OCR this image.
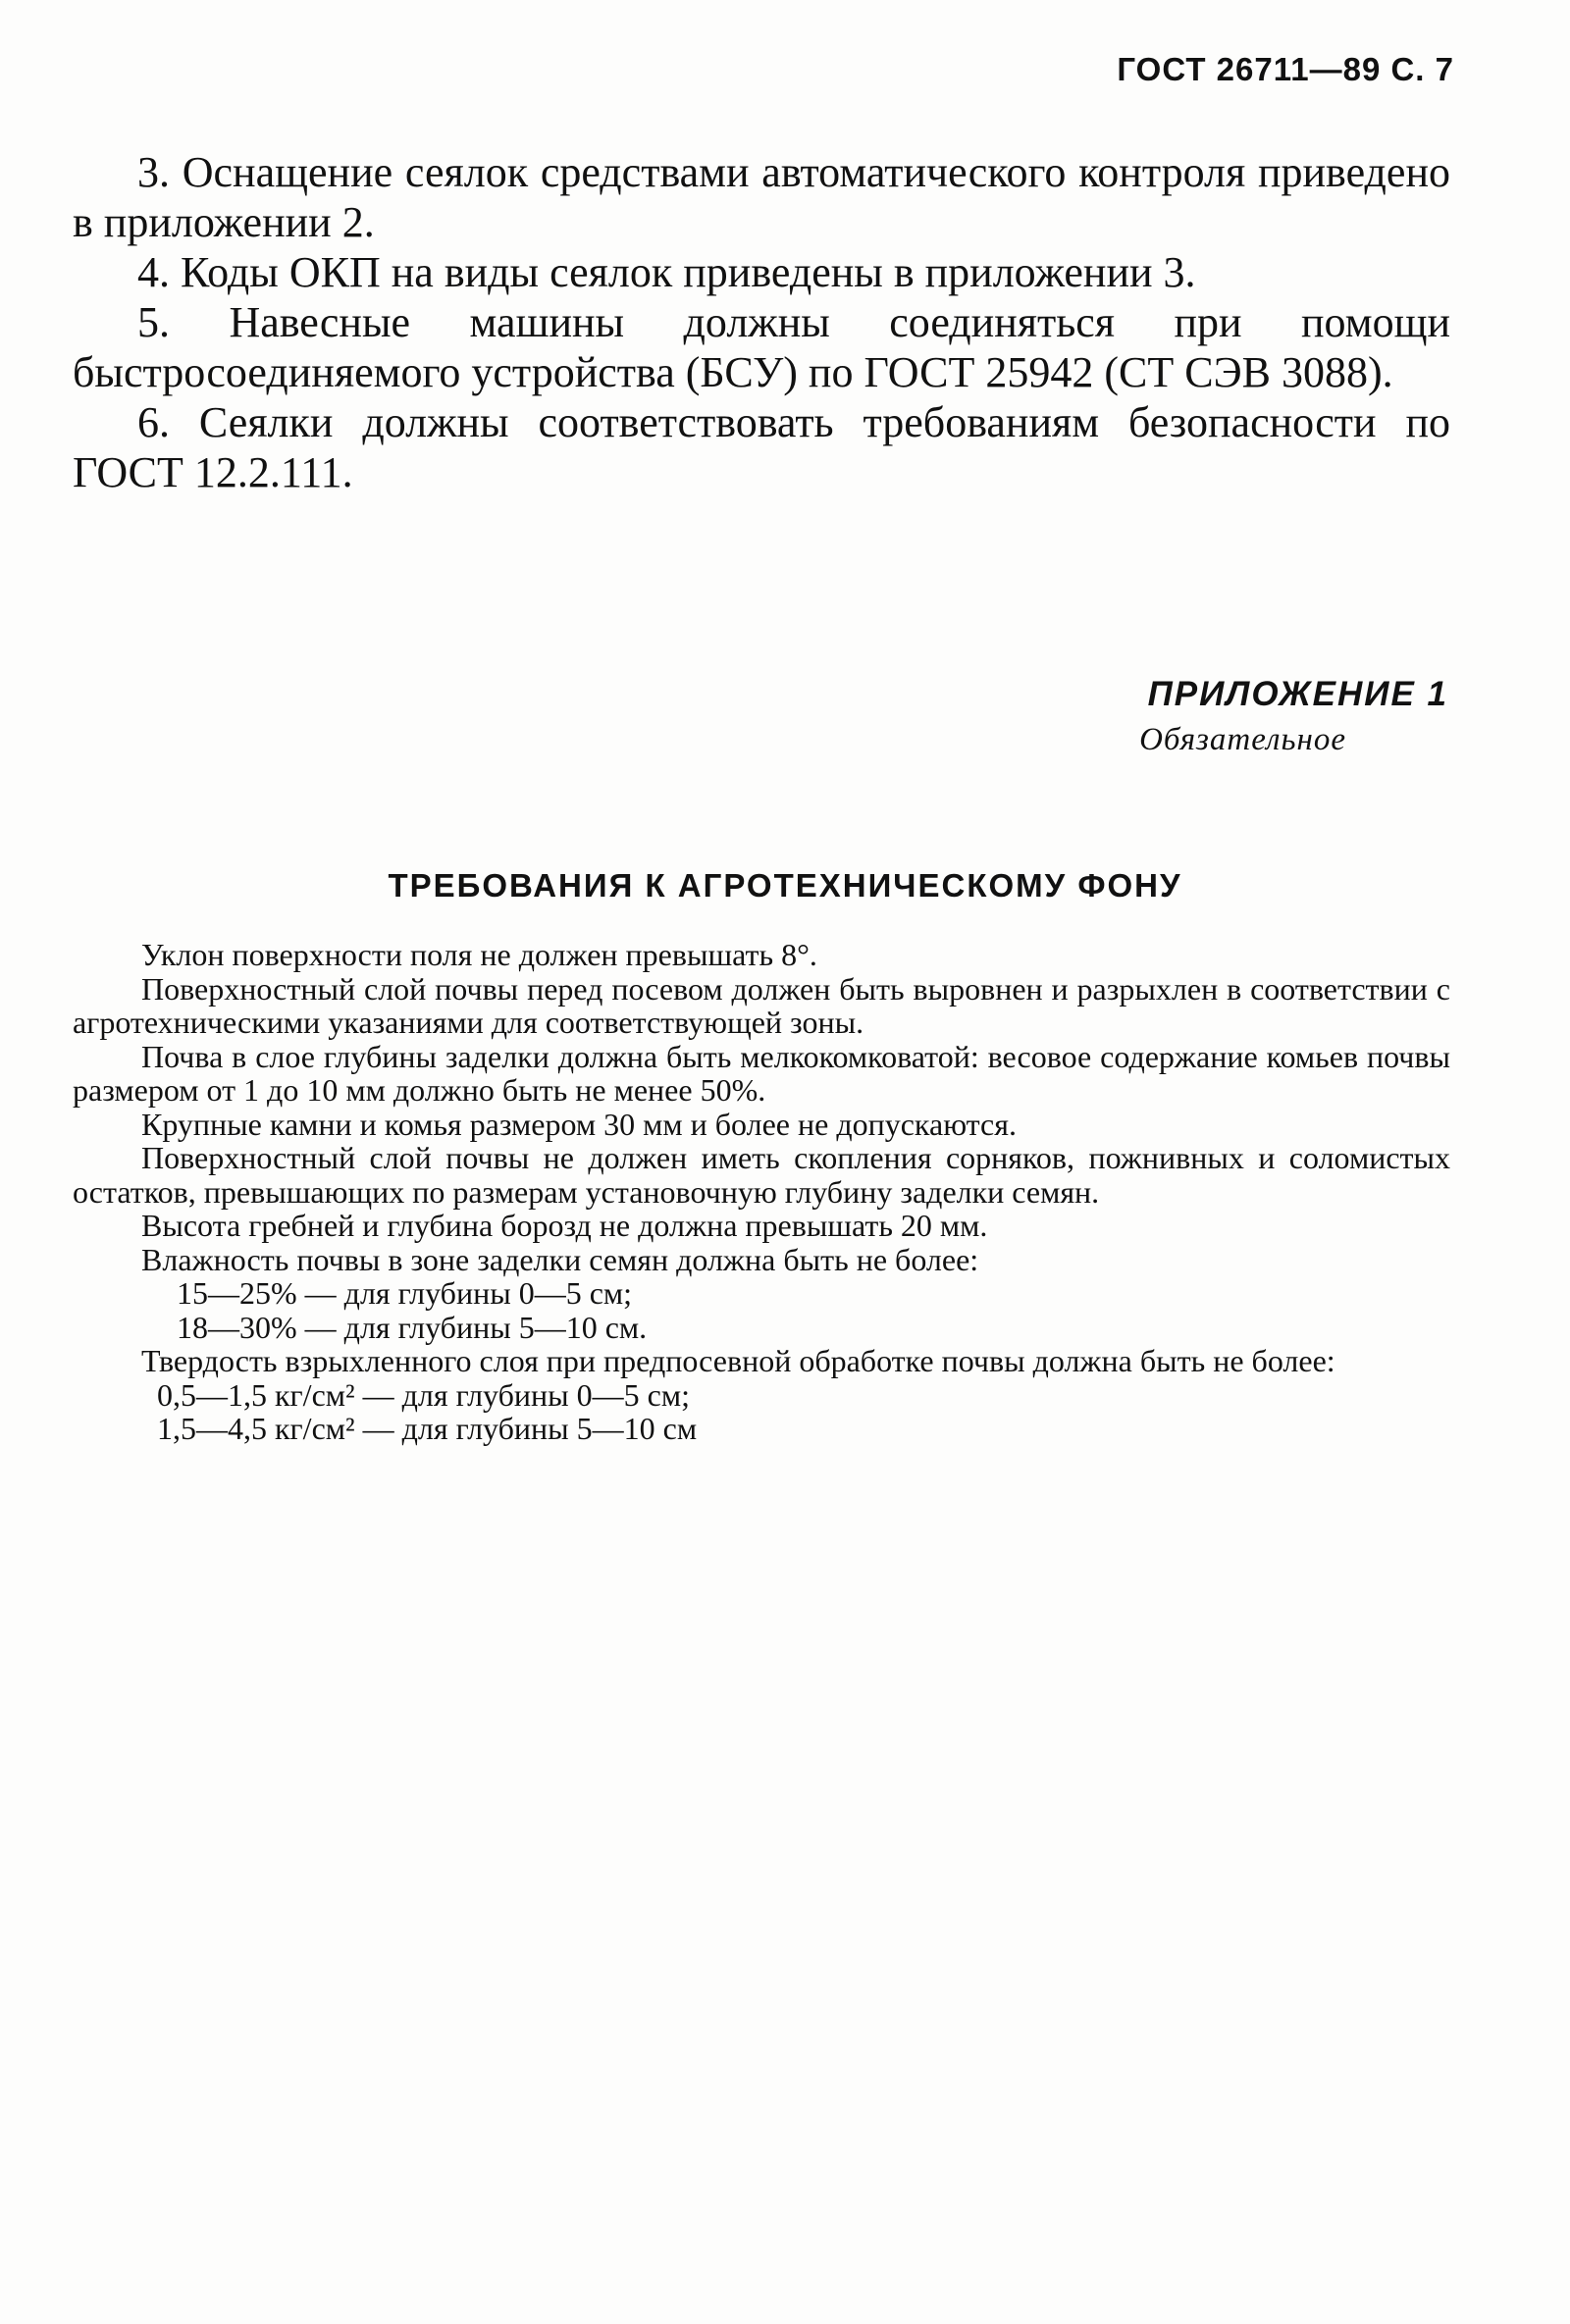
ГОСТ 26711—89 С. 7

3. Оснащение сеялок средствами автоматического контроля приведено в приложении 2.

4. Коды ОКП на виды сеялок приведены в приложении 3.

5. Навесные машины должны соединяться при помощи быстросоединяемого устройства (БСУ) по ГОСТ 25942 (СТ СЭВ 3088).

6. Сеялки должны соответствовать требованиям безопасности по ГОСТ 12.2.111.

ПРИЛОЖЕНИЕ 1
Обязательное
ТРЕБОВАНИЯ К АГРОТЕХНИЧЕСКОМУ ФОНУ

Уклон поверхности поля не должен превышать 8°.

Поверхностный слой почвы перед посевом должен быть выровнен и разрыхлен в соответствии с агротехническими указаниями для соответствующей зоны.

Почва в слое глубины заделки должна быть мелкокомковатой: весовое содержание комьев почвы размером от 1 до 10 мм должно быть не менее 50%.

Крупные камни и комья размером 30 мм и более не допускаются.

Поверхностный слой почвы не должен иметь скопления сорняков, пожнивных и соломистых остатков, превышающих по размерам установочную глубину заделки семян.

Высота гребней и глубина борозд не должна превышать 20 мм.

Влажность почвы в зоне заделки семян должна быть не более:

15—25% — для глубины 0—5 см;

18—30% — для глубины 5—10 см.

Твердость взрыхленного слоя при предпосевной обработке почвы должна быть не более:

0,5—1,5 кг/см² — для глубины 0—5 см;

1,5—4,5 кг/см² — для глубины 5—10 см
